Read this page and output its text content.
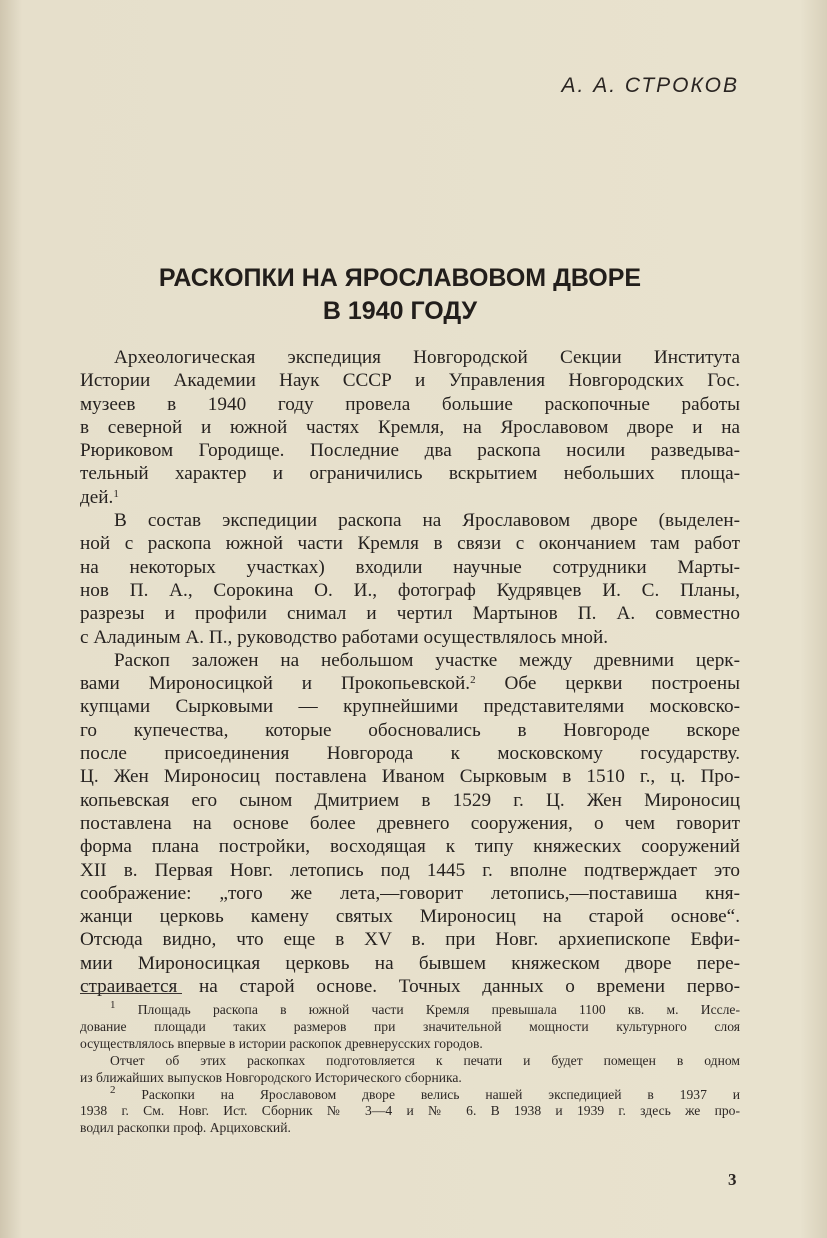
А. А. СТРОКОВ
РАСКОПКИ НА ЯРОСЛАВОВОМ ДВОРЕ
В 1940 ГОДУ
Археологическая экспедиция Новгородской Секции Института
Истории Академии Наук СССР и Управления Новгородских Гос.
музеев в 1940 году провела большие раскопочные работы
в северной и южной частях Кремля, на Ярославовом дворе и на
Рюриковом Городище. Последние два раскопа носили разведыва-
тельный характер и ограничились вскрытием небольших площа-
дей.$^1$
В состав экспедиции раскопа на Ярославовом дворе (выделен-
ной с раскопа южной части Кремля в связи с окончанием там работ
на некоторых участках) входили научные сотрудники Марты-
нов П. А., Сорокина О. И., фотограф Кудрявцев И. С. Планы,
разрезы и профили снимал и чертил Мартынов П. А. совместно
с Аладиным А. П., руководство работами осуществлялось мной.
Раскоп заложен на небольшом участке между древними церк-
вами Мироносицкой и Прокопьевской.$^2$ Обе церкви построены
купцами Сырковыми — крупнейшими представителями московско-
го купечества, которые обосновались в Новгороде вскоре
после присоединения Новгорода к московскому государству.
Ц. Жен Мироносиц поставлена Иваном Сырковым в 1510 г., ц. Про-
копьевская его сыном Дмитрием в 1529 г. Ц. Жен Мироносиц
поставлена на основе более древнего сооружения, о чем говорит
форма плана постройки, восходящая к типу княжеских сооружений
XII в. Первая Новг. летопись под 1445 г. вполне подтверждает это
соображение: „того же лета,—говорит летопись,—поставиша кня-
жанци церковь камену святых Мироносиц на старой основе“.
Отсюда видно, что еще в XV в. при Новг. архиепископе Евфи-
мии Мироносицкая церковь на бывшем княжеском дворе пере-
страивается на старой основе. Точных данных о времени перво-
$^1$ Площадь раскопа в южной части Кремля превышала 1100 кв. м. Иссле-
дование площади таких размеров при значительной мощности культурного слоя
осуществлялось впервые в истории раскопок древнерусских городов.
Отчет об этих раскопках подготовляется к печати и будет помещен в одном
из ближайших выпусков Новгородского Исторического сборника.
$^2$ Раскопки на Ярославовом дворе велись нашей экспедицией в 1937 и
1938 г. См. Новг. Ист. Сборник № 3—4 и № 6. В 1938 и 1939 г. здесь же про-
водил раскопки проф. Арциховский.
3
